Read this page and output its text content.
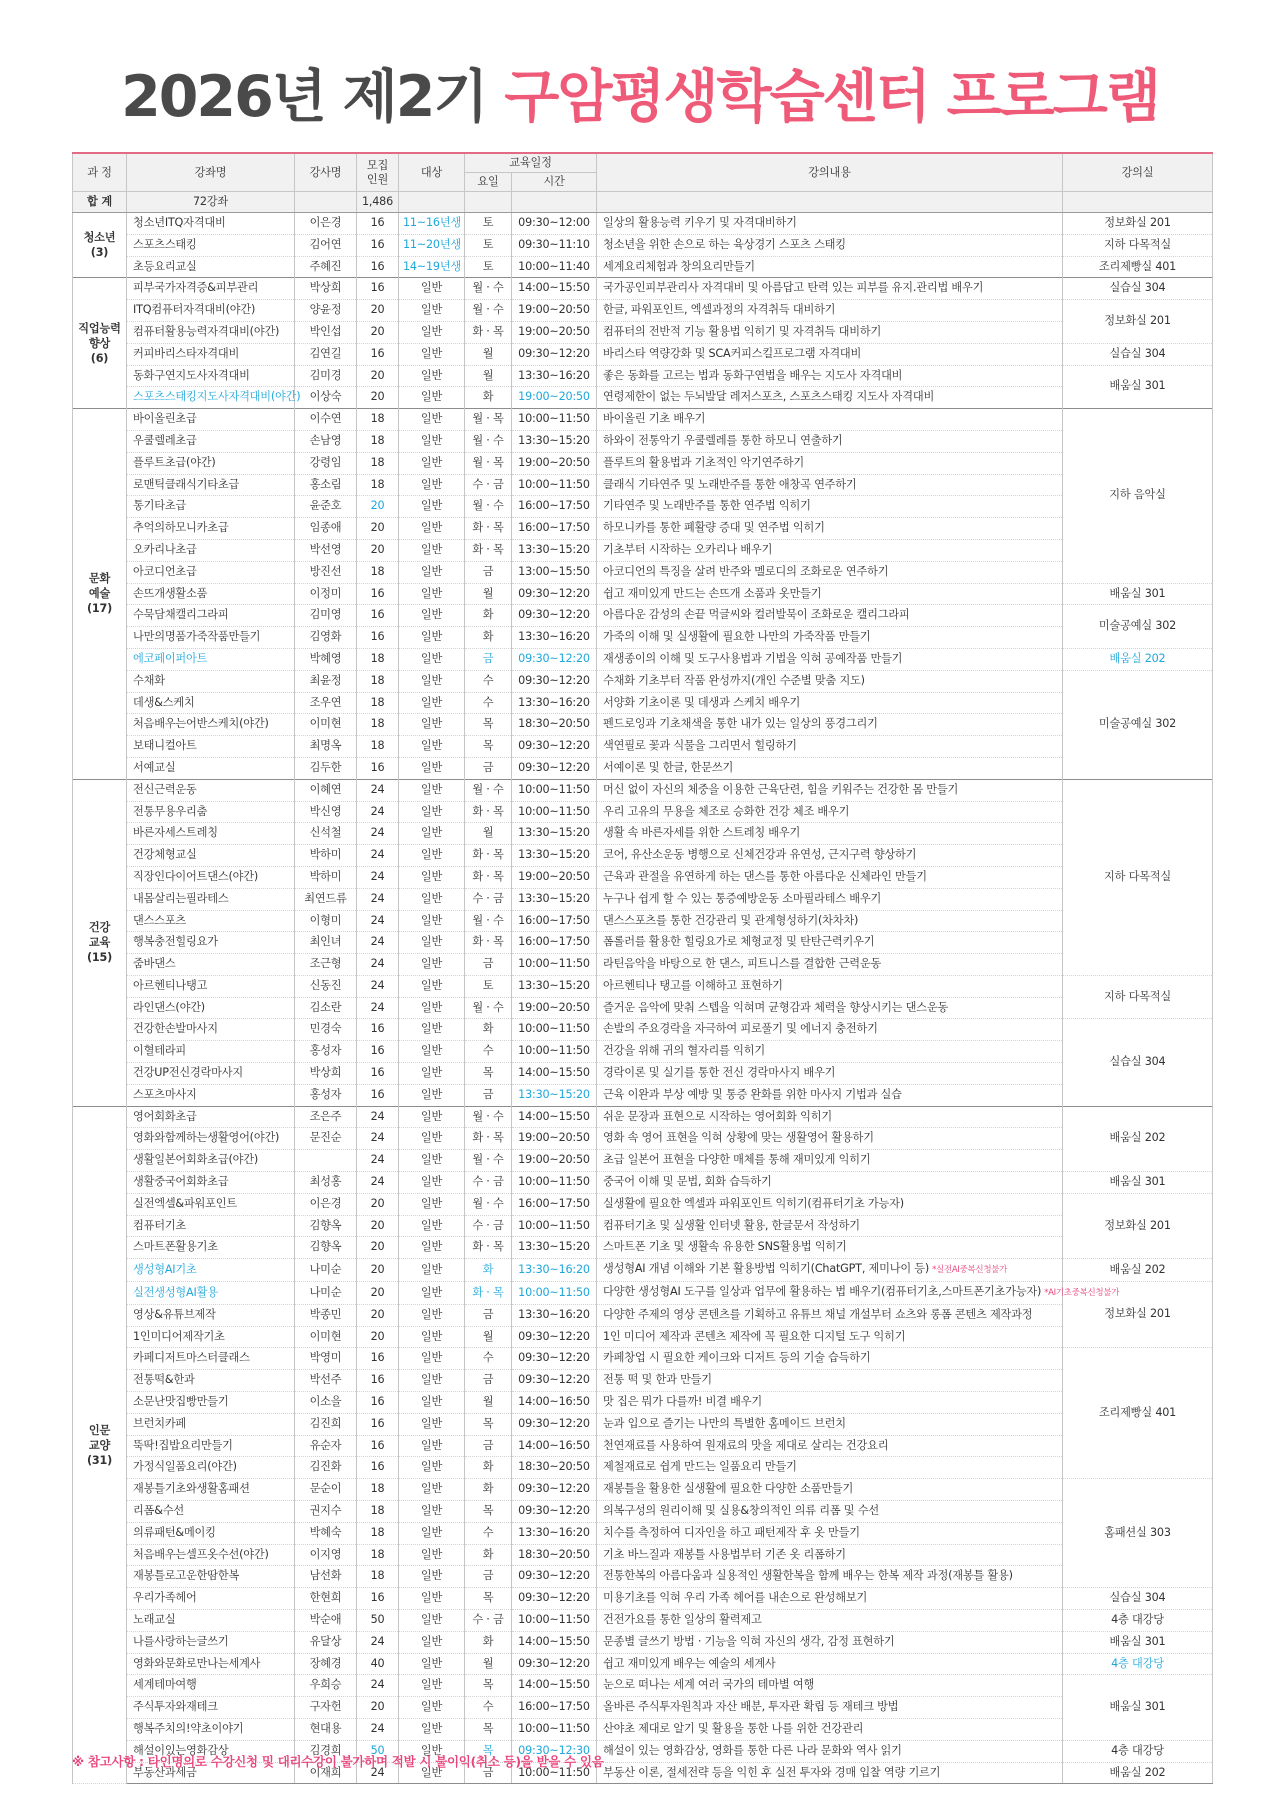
2026년 제2기 구암평생학습센터 프로그램
과 정	강좌명	강사명	모집
인원	대상	교육일정		강의내용	강의실
					요일	시간		
합 계	72강좌		1,486					
청소년
(3)	청소년ITQ자격대비	이은경	16	11~16년생	토	09:30~12:00	일상의 활용능력 키우기 및 자격대비하기	정보화실 201
	스포츠스태킹	김어연	16	11~20년생	토	09:30~11:10	청소년을 위한 손으로 하는 육상경기 스포츠 스태킹	지하 다목적실
	초등요리교실	주혜진	16	14~19년생	토	10:00~11:40	세계요리체험과 창의요리만들기	조리제빵실 401
직업능력
향상
(6)	피부국가자격증&피부관리	박상희	16	일반	월 · 수	14:00~15:50	국가공인피부관리사 자격대비 및 아름답고 탄력 있는 피부를 유지.관리법 배우기	실습실 304
	ITQ컴퓨터자격대비(야간)	양윤정	20	일반	월 · 수	19:00~20:50	한글, 파워포인트, 엑셀과정의 자격취득 대비하기	정보화실 201
	컴퓨터활용능력자격대비(야간)	박인섭	20	일반	화 · 목	19:00~20:50	컴퓨터의 전반적 기능 활용법 익히기 및 자격취득 대비하기	
	커피바리스타자격대비	김연길	16	일반	월	09:30~12:20	바리스타 역량강화 및 SCA커피스킬프로그램 자격대비	실습실 304
	동화구연지도사자격대비	김미경	20	일반	월	13:30~16:20	좋은 동화를 고르는 법과 동화구연법을 배우는 지도사 자격대비	배움실 301
	스포츠스태킹지도사자격대비(야간)	이상숙	20	일반	화	19:00~20:50	연령제한이 없는 두뇌발달 레저스포츠, 스포츠스태킹 지도사 자격대비	
문화
예술
(17)	바이올린초급	이수연	18	일반	월 · 목	10:00~11:50	바이올린 기초 배우기	지하 음악실
	우쿨렐레초급	손남영	18	일반	월 · 수	13:30~15:20	하와이 전통악기 우쿨렐레를 통한 하모니 연출하기	
	플루트초급(야간)	강령임	18	일반	월 · 목	19:00~20:50	플루트의 활용법과 기초적인 악기연주하기	
	로맨틱클래식기타초급	홍소림	18	일반	수 · 금	10:00~11:50	클래식 기타연주 및 노래반주를 통한 애창곡 연주하기	
	통기타초급	윤준호	20	일반	월 · 수	16:00~17:50	기타연주 및 노래반주를 통한 연주법 익히기	
	추억의하모니카초급	임종애	20	일반	화 · 목	16:00~17:50	하모니카를 통한 폐활량 증대 및 연주법 익히기	
	오카리나초급	박선영	20	일반	화 · 목	13:30~15:20	기초부터 시작하는 오카리나 배우기	
	아코디언초급	방진선	18	일반	금	13:00~15:50	아코디언의 특징을 살려 반주와 멜로디의 조화로운 연주하기	
	손뜨개생활소품	이정미	16	일반	월	09:30~12:20	쉽고 재미있게 만드는 손뜨개 소품과 옷만들기	배움실 301
	수묵담채캘리그라피	김미영	16	일반	화	09:30~12:20	아름다운 감성의 손끝 먹글씨와 컬러발묵이 조화로운 캘리그라피	미술공예실 302
	나만의명품가죽작품만들기	김영화	16	일반	화	13:30~16:20	가죽의 이해 및 실생활에 필요한 나만의 가죽작품 만들기	
	에코페이퍼아트	박혜영	18	일반	금	09:30~12:20	재생종이의 이해 및 도구사용법과 기법을 익혀 공예작품 만들기	배움실 202
	수채화	최윤정	18	일반	수	09:30~12:20	수채화 기초부터 작품 완성까지(개인 수준별 맞춤 지도)	미술공예실 302
	데생&스케치	조우연	18	일반	수	13:30~16:20	서양화 기초이론 및 데생과 스케치 배우기	
	처음배우는어반스케치(야간)	이미현	18	일반	목	18:30~20:50	펜드로잉과 기초채색을 통한 내가 있는 일상의 풍경그리기	
	보태니컬아트	최명옥	18	일반	목	09:30~12:20	색연필로 꽃과 식물을 그리면서 힐링하기	
	서예교실	김두한	16	일반	금	09:30~12:20	서예이론 및 한글, 한문쓰기	
건강
교육
(15)	전신근력운동	이혜연	24	일반	월 · 수	10:00~11:50	머신 없이 자신의 체중을 이용한 근육단련, 힘을 키워주는 건강한 몸 만들기	지하 다목적실
	전통무용우리춤	박신영	24	일반	화 · 목	10:00~11:50	우리 고유의 무용을 체조로 승화한 건강 체조 배우기	
	바른자세스트레칭	신석철	24	일반	월	13:30~15:20	생활 속 바른자세를 위한 스트레칭 배우기	
	건강체형교실	박하미	24	일반	화 · 목	13:30~15:20	코어, 유산소운동 병행으로 신체건강과 유연성, 근지구력 향상하기	
	직장인다이어트댄스(야간)	박하미	24	일반	화 · 목	19:00~20:50	근육과 관절을 유연하게 하는 댄스를 통한 아름다운 신체라인 만들기	
	내몸살리는필라테스	최연드류	24	일반	수 · 금	13:30~15:20	누구나 쉽게 할 수 있는 통증예방운동 소마필라테스 배우기	
	댄스스포츠	이형미	24	일반	월 · 수	16:00~17:50	댄스스포츠를 통한 건강관리 및 관계형성하기(차차차)	
	행복충전힐링요가	최인녀	24	일반	화 · 목	16:00~17:50	폼롤러를 활용한 힐링요가로 체형교정 및 탄탄근력키우기	
	줌바댄스	조근형	24	일반	금	10:00~11:50	라틴음악을 바탕으로 한 댄스, 피트니스를 결합한 근력운동	
	아르헨티나탱고	신동진	24	일반	토	13:30~15:20	아르헨티나 탱고를 이해하고 표현하기	지하 다목적실
	라인댄스(야간)	김소란	24	일반	월 · 수	19:00~20:50	즐거운 음악에 맞춰 스텝을 익혀며 균형감과 체력을 향상시키는 댄스운동	
	건강한손발마사지	민경숙	16	일반	화	10:00~11:50	손발의 주요경락을 자극하여 피로풀기 및 에너지 충전하기	실습실 304
	이혈테라피	홍성자	16	일반	수	10:00~11:50	건강을 위해 귀의 혈자리를 익히기	
	건강UP전신경락마사지	박상희	16	일반	목	14:00~15:50	경락이론 및 실기를 통한 전신 경락마사지 배우기	
	스포츠마사지	홍성자	16	일반	금	13:30~15:20	근육 이완과 부상 예방 및 통증 완화를 위한 마사지 기법과 실습	
인문
교양
(31)	영어회화초급	조은주	24	일반	월 · 수	14:00~15:50	쉬운 문장과 표현으로 시작하는 영어회화 익히기	배움실 202
	영화와함께하는생활영어(야간)	문진순	24	일반	화 · 목	19:00~20:50	영화 속 영어 표현을 익혀 상황에 맞는 생활영어 활용하기	
	생활일본어회화초급(야간)		24	일반	월 · 수	19:00~20:50	초급 일본어 표현을 다양한 매체를 통해 재미있게 익히기	
	생활중국어회화초급	최성홍	24	일반	수 · 금	10:00~11:50	중국어 이해 및 문법, 회화 습득하기	배움실 301
	실전엑셀&파워포인트	이은경	20	일반	월 · 수	16:00~17:50	실생활에 필요한 엑셀과 파워포인트 익히기(컴퓨터기초 가능자)	정보화실 201
	컴퓨터기초	김향옥	20	일반	수 · 금	10:00~11:50	컴퓨터기초 및 실생활 인터넷 활용, 한글문서 작성하기	
	스마트폰활용기초	김향옥	20	일반	화 · 목	13:30~15:20	스마트폰 기초 및 생활속 유용한 SNS활용법 익히기	
	생성형AI기초	나미순	20	일반	화	13:30~16:20	생성형AI 개념 이해와 기본 활용방법 익히기(ChatGPT, 제미나이 등) *실전AI중복신청불가	배움실 202
	실전생성형AI활용	나미순	20	일반	화 · 목	10:00~11:50	다양한 생성형AI 도구를 일상과 업무에 활용하는 법 배우기(컴퓨터기초,스마트폰기초가능자) *AI기초중복신청불가	정보화실 201
	영상&유튜브제작	박종민	20	일반	금	13:30~16:20	다양한 주제의 영상 콘텐츠를 기획하고 유튜브 채널 개설부터 쇼츠와 롱폼 콘텐츠 제작과정	
	1인미디어제작기초	이미현	20	일반	월	09:30~12:20	1인 미디어 제작과 콘텐츠 제작에 꼭 필요한 디지털 도구 익히기	
	카페디저트마스터클래스	박영미	16	일반	수	09:30~12:20	카페창업 시 필요한 케이크와 디저트 등의 기술 습득하기	조리제빵실 401
	전통떡&한과	박선주	16	일반	금	09:30~12:20	전통 떡 및 한과 만들기	
	소문난맛집빵만들기	이소을	16	일반	월	14:00~16:50	맛 집은 뭐가 다를까! 비결 배우기	
	브런치카페	김진희	16	일반	목	09:30~12:20	눈과 입으로 즐기는 나만의 특별한 홈메이드 브런치	
	뚝딱!집밥요리만들기	유순자	16	일반	금	14:00~16:50	천연재료를 사용하여 원재료의 맛을 제대로 살리는 건강요리	
	가정식일품요리(야간)	김진화	16	일반	화	18:30~20:50	제철재료로 쉽게 만드는 일품요리 만들기	
	재봉틀기초와생활홈패션	문순이	18	일반	화	09:30~12:20	재봉틀을 활용한 실생활에 필요한 다양한 소품만들기	홈패션실 303
	리폼&수선	권지수	18	일반	목	09:30~12:20	의복구성의 원리이해 및 실용&창의적인 의류 리폼 및 수선	
	의류패턴&메이킹	박혜숙	18	일반	수	13:30~16:20	치수를 측정하여 디자인을 하고 패턴제작 후 옷 만들기	
	처음배우는셀프옷수선(야간)	이지영	18	일반	화	18:30~20:50	기초 바느질과 재봉틀 사용법부터 기존 옷 리폼하기	
	재봉틀로고운한땀한복	남선화	18	일반	금	09:30~12:20	전통한복의 아름다움과 실용적인 생활한복을 함께 배우는 한복 제작 과정(재봉틀 활용)	
	우리가족헤어	한현희	16	일반	목	09:30~12:20	미용기초를 익혀 우리 가족 헤어를 내손으로 완성해보기	실습실 304
	노래교실	박순애	50	일반	수 · 금	10:00~11:50	건전가요를 통한 일상의 활력제고	4층 대강당
	나를사랑하는글쓰기	유달상	24	일반	화	14:00~15:50	문종별 글쓰기 방법 · 기능을 익혀 자신의 생각, 감정 표현하기	배움실 301
	영화와문화로만나는세계사	장혜경	40	일반	월	09:30~12:20	쉽고 재미있게 배우는 예술의 세계사	4층 대강당
	세계테마여행	우희승	24	일반	목	14:00~15:50	눈으로 떠나는 세계 여러 국가의 테마별 여행	배움실 301
	주식투자와재테크	구자헌	20	일반	수	16:00~17:50	올바른 주식투자원칙과 자산 배분, 투자관 확립 등 재테크 방법	
	행복주치의!약초이야기	현대용	24	일반	목	10:00~11:50	산야초 제대로 알기 및 활용을 통한 나를 위한 건강관리	
	해설이있는영화감상	김경희	50	일반	목	09:30~12:30	해설이 있는 영화감상, 영화를 통한 다른 나라 문화와 역사 읽기	4층 대강당
	부동산과세금	이재희	24	일반	금	10:00~11:50	부동산 이론, 절세전략 등을 익힌 후 실전 투자와 경매 입찰 역량 기르기	배움실 202
※ 참고사항 : 타인명의로 수강신청 및 대리수강이 불가하며 적발 시 불이익(취소 등)을 받을 수 있음
